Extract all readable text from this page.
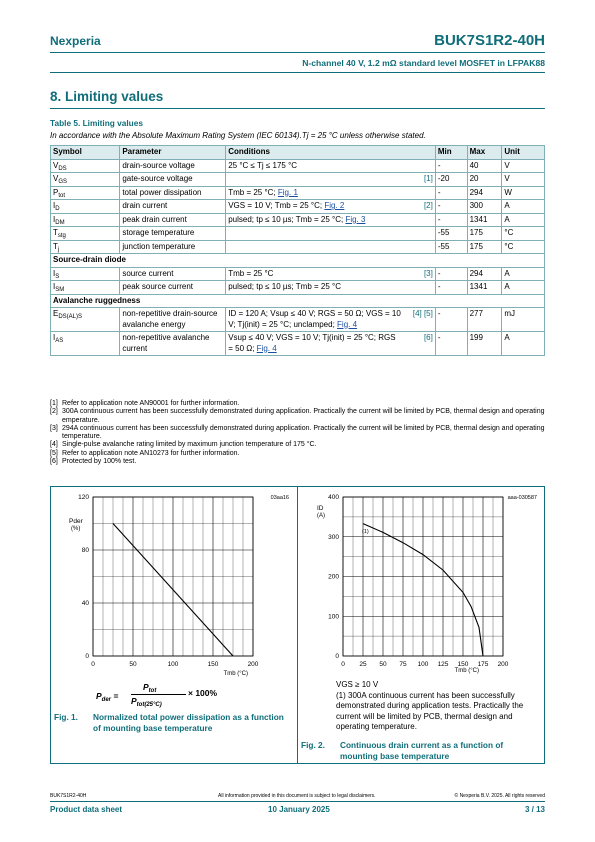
Nexperia	BUK7S1R2-40H
N-channel 40 V, 1.2 mΩ standard level MOSFET in LFPAK88
8. Limiting values
Table 5. Limiting values
In accordance with the Absolute Maximum Rating System (IEC 60134).Tj = 25 °C unless otherwise stated.
Symbol	Parameter	Conditions		Min	Max	Unit
$V_{DS}$	drain-source voltage	25 °C ≤ Tj ≤ 175 °C		-	40	V
$V_{GS}$	gate-source voltage		[1]	-20	20	V
$P_{tot}$	total power dissipation	Tmb = 25 °C; Fig. 1		-	294	W
$I_D$	drain current	VGS = 10 V; Tmb = 25 °C; Fig. 2	[2]	-	300	A
$I_{DM}$	peak drain current	pulsed; tp ≤ 10 µs; Tmb = 25 °C; Fig. 3		-	1341	A
$T_{stg}$	storage temperature			-55	175	°C
$T_j$	junction temperature			-55	175	°C
Source-drain diode						
$I_S$	source current	Tmb = 25 °C	[3]	-	294	A
$I_{SM}$	peak source current	pulsed; tp ≤ 10 µs; Tmb = 25 °C		-	1341	A
Avalanche ruggedness						
$E_{DS(AL)S}$	non-repetitive drain-source avalanche energy	ID = 120 A; Vsup ≤ 40 V; RGS = 50 Ω; VGS = 10 V; Tj(init) = 25 °C; unclamped; Fig. 4	[4] [5]	-	277	mJ
$I_{AS}$	non-repetitive avalanche current	Vsup ≤ 40 V; VGS = 10 V; Tj(init) = 25 °C; RGS = 50 Ω; Fig. 4	[6]	-	199	A
[1] Refer to application note AN90001 for further information.
[2] 300A continuous current has been successfully demonstrated during application. Practically the current will be limited by PCB, thermal design and operating emperature.
[3] 294A continuous current has been successfully demonstrated during application. Practically the current will be limited by PCB, thermal design and operating temperature.
[4] Single-pulse avalanche rating limited by maximum junction temperature of 175 °C.
[5] Refer to application note AN10273 for further information.
[6] Protected by 100% test.
0	50	100	150	200
0
40
80
120	03aa16
Pder
(%)
Tmb (°C)
0 25 50 75 100 125 150 175 200
0
100
200
300
400	aaa-030587
ID
(A)
Tmb (°C)
(1)
$P_{der}$ =
$P_{tot}$
$P_{tot(25^\circ C)}$
× 100%
Fig. 1.	Normalized total power dissipation as a function of mounting base temperature
VGS ≥ 10 V
(1) 300A continuous current has been successfully demonstrated during application tests. Practically the current will be limited by PCB, thermal design and operating temperature.
Fig. 2.	Continuous drain current as a function of mounting base temperature
BUK7S1R2-40H	All information provided in this document is subject to legal disclaimers.	© Nexperia B.V. 2025. All rights reserved
Product data sheet	10 January 2025	3 / 13
